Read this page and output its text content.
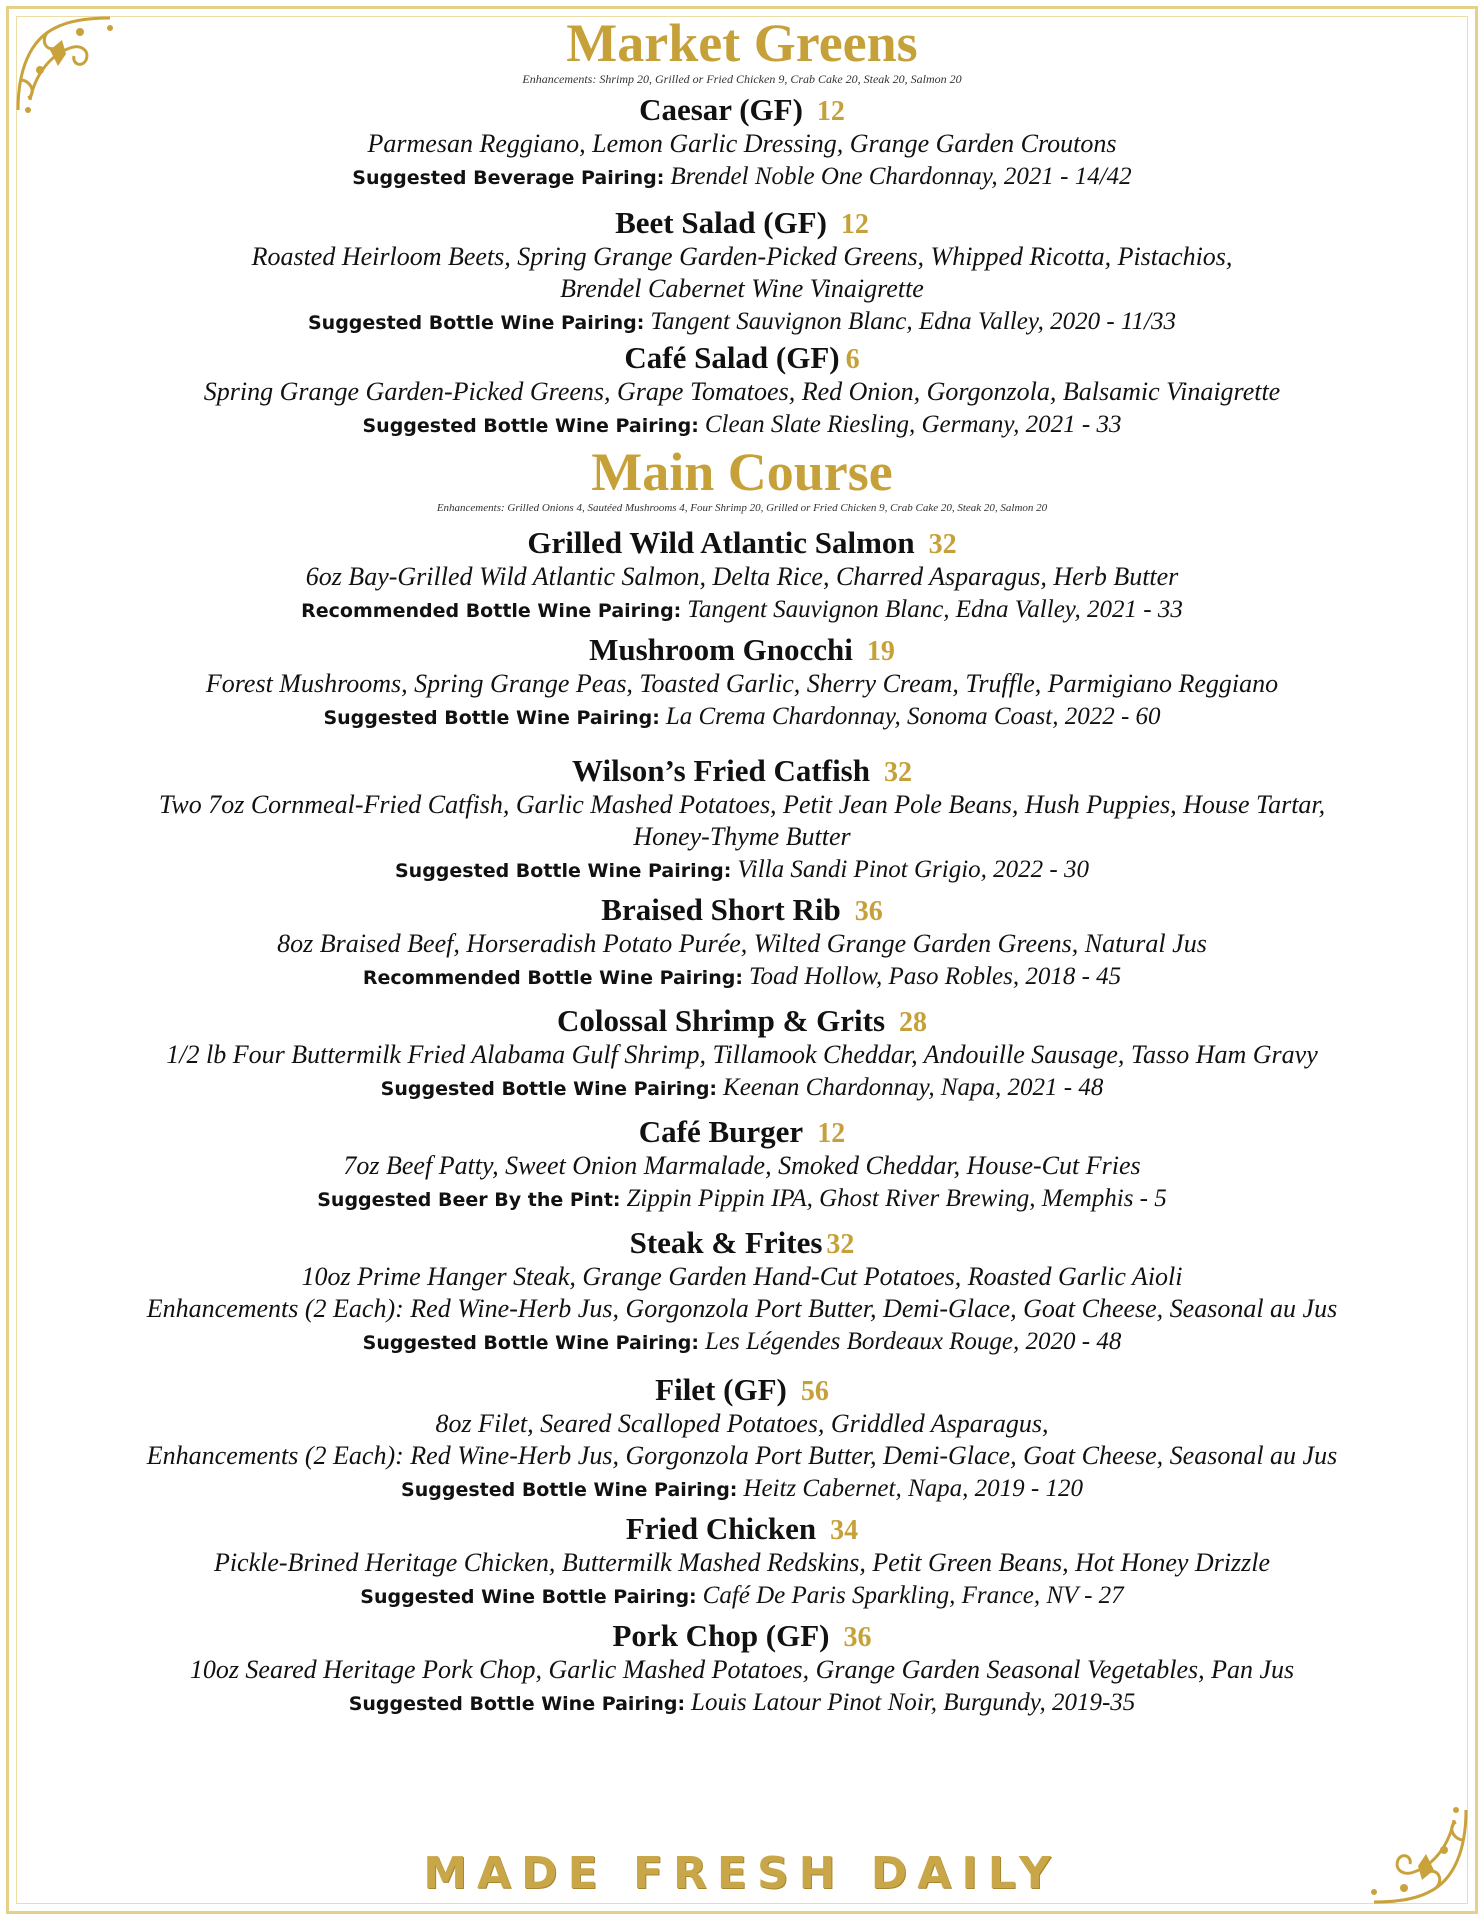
Market Greens

Enhancements: Shrimp 20, Grilled or Fried Chicken 9, Crab Cake 20, Steak 20, Salmon 20

Caesar (GF) 12
Parmesan Reggiano, Lemon Garlic Dressing, Grange Garden Croutons
Suggested Beverage Pairing: Brendel Noble One Chardonnay, 2021 - 14/42
Beet Salad (GF) 12
Roasted Heirloom Beets, Spring Grange Garden-Picked Greens, Whipped Ricotta, Pistachios,
Brendel Cabernet Wine Vinaigrette
Suggested Bottle Wine Pairing: Tangent Sauvignon Blanc, Edna Valley, 2020 - 11/33
Café Salad (GF) 6
Spring Grange Garden-Picked Greens, Grape Tomatoes, Red Onion, Gorgonzola, Balsamic Vinaigrette
Suggested Bottle Wine Pairing: Clean Slate Riesling, Germany, 2021 - 33
Main Course

Enhancements: Grilled Onions 4, Sautéed Mushrooms 4, Four Shrimp 20, Grilled or Fried Chicken 9, Crab Cake 20, Steak 20, Salmon 20

Grilled Wild Atlantic Salmon 32
6oz Bay-Grilled Wild Atlantic Salmon, Delta Rice, Charred Asparagus, Herb Butter
Recommended Bottle Wine Pairing: Tangent Sauvignon Blanc, Edna Valley, 2021 - 33
Mushroom Gnocchi 19
Forest Mushrooms, Spring Grange Peas, Toasted Garlic, Sherry Cream, Truffle, Parmigiano Reggiano
Suggested Bottle Wine Pairing: La Crema Chardonnay, Sonoma Coast, 2022 - 60
Wilson’s Fried Catfish 32
Two 7oz Cornmeal-Fried Catfish, Garlic Mashed Potatoes, Petit Jean Pole Beans, Hush Puppies, House Tartar,
Honey-Thyme Butter
Suggested Bottle Wine Pairing: Villa Sandi Pinot Grigio, 2022 - 30
Braised Short Rib 36
8oz Braised Beef, Horseradish Potato Purée, Wilted Grange Garden Greens, Natural Jus
Recommended Bottle Wine Pairing: Toad Hollow, Paso Robles, 2018 - 45
Colossal Shrimp & Grits 28
1/2 lb Four Buttermilk Fried Alabama Gulf Shrimp, Tillamook Cheddar, Andouille Sausage, Tasso Ham Gravy
Suggested Bottle Wine Pairing: Keenan Chardonnay, Napa, 2021 - 48
Café Burger 12
7oz Beef Patty, Sweet Onion Marmalade, Smoked Cheddar, House-Cut Fries
Suggested Beer By the Pint: Zippin Pippin IPA, Ghost River Brewing, Memphis - 5
Steak & Frites 32
10oz Prime Hanger Steak, Grange Garden Hand-Cut Potatoes, Roasted Garlic Aioli
Enhancements (2 Each): Red Wine-Herb Jus, Gorgonzola Port Butter, Demi-Glace, Goat Cheese, Seasonal au Jus
Suggested Bottle Wine Pairing: Les Légendes Bordeaux Rouge, 2020 - 48
Filet (GF) 56
8oz Filet, Seared Scalloped Potatoes, Griddled Asparagus,
Enhancements (2 Each): Red Wine-Herb Jus, Gorgonzola Port Butter, Demi-Glace, Goat Cheese, Seasonal au Jus
Suggested Bottle Wine Pairing: Heitz Cabernet, Napa, 2019 - 120
Fried Chicken 34
Pickle-Brined Heritage Chicken, Buttermilk Mashed Redskins, Petit Green Beans, Hot Honey Drizzle
Suggested Wine Bottle Pairing: Café De Paris Sparkling, France, NV - 27
Pork Chop (GF) 36
10oz Seared Heritage Pork Chop, Garlic Mashed Potatoes, Grange Garden Seasonal Vegetables, Pan Jus
Suggested Bottle Wine Pairing: Louis Latour Pinot Noir, Burgundy, 2019-35
MADE FRESH DAILY
